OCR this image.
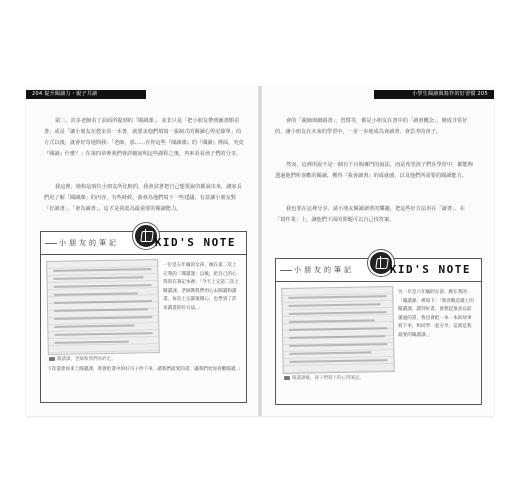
204 提升閱讀力・親子共讀

第二，許多老師看了前面所提到的「閱讀課」，並非只是「把小朋友帶到圖書館看書」或是「讓小朋友在教室看一本書，就要求他們填寫一張制式的閱讀心得記錄單」的方式以後，就會好奇地問我：「老師，那……在你這些『閱讀課』的『閱讀』裡面，究竟『閱讀』什麼？」在第四章裡我們會詳細說明這些課程之後，再來看看孩子們的分享。

我這裡，她和這兩位小朋友所比較的，我會試著把自己想要說的都說出來，讓家長們更了解「閱讀課」的內容，有些時候，我會為他們寫下一些建議，有意讓小朋友對「好讀書」、「會為讀書」，這才是我認為最重要的閱讀能力。

小朋友的筆記	KID'S NOTE
閱讀課，老師和我們的約定。

一位是五年級的女孩，她在第二次上完我的「閱讀課」以後，把自己的心得寫在筆記本裡：「今天上完第二次上閱讀課，老師教我們用心去閱讀和讀書，每次上完都很開心，也學到了許多讀書的好方法。」

下次還會再來上閱讀課，我會把書中的好句子抄下來，讀我們最愛的書，讓我們更加喜歡閱讀。」

小學生閱讀與寫作的好習慣 205

會的「親師與網路書」、習慣等，都是小朋友在書中的「讀書概念」，變成非常好的，讓小朋友在未來的學習中，一步一步地成為會讀書、會思考的孩子。

然而，這裡所說不是一個有千百個專門的說法，而是希望孩子們在學習中，都能夠透過他們所喜歡的閱讀，獲得『我會讀書』的成就感，以及他們所需要的閱讀能力。

我也要在這裡分享，請小朋友閱讀讀書的樂趣，把這些好方法用在「讀書」、在「寫作業」上，讓他們下面的問題可以自己找答案。

小朋友的筆記	KID'S NOTE
閱讀課後，孩子們寫下的心得筆記。

另一位是六年級的女孩，她在我的「閱讀課」裡寫下：「我喜歡這樣上的閱讀課，讀到好書，會想起很多以前讀過的書，我也會把一本一本的故事寫下來，和同學一起分享，這就是我最愛的閱讀課。」
